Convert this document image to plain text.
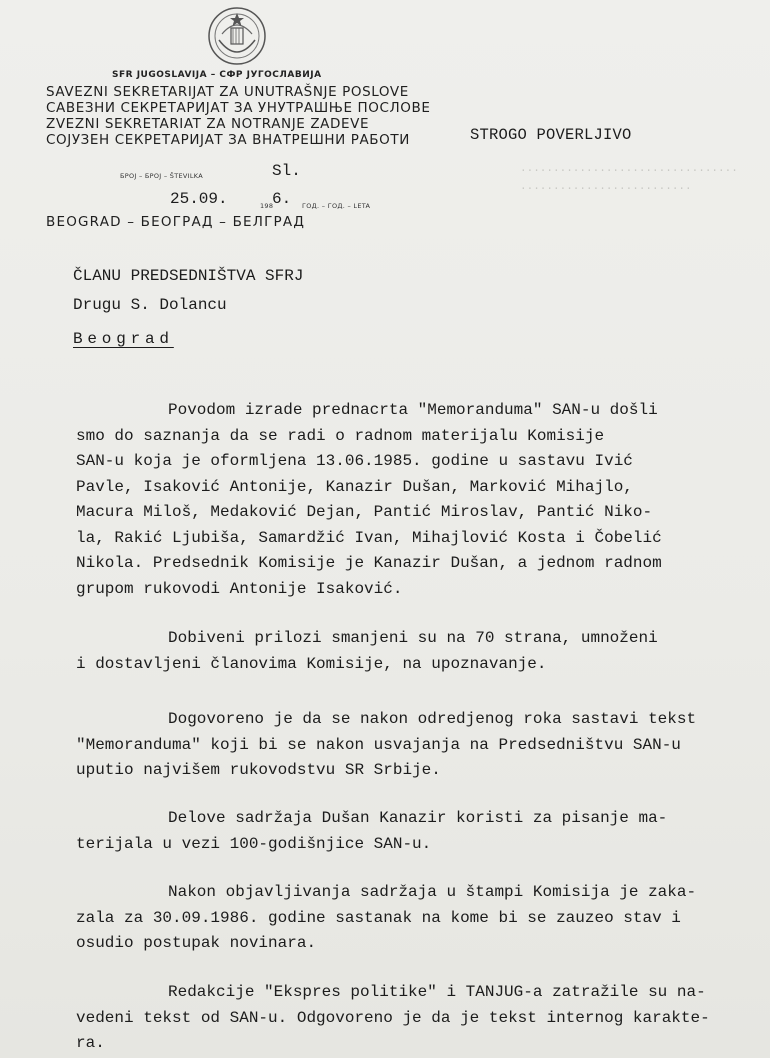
.................................
..........................
SFR JUGOSLAVIJA – СФР ЈУГОСЛАВИЈА
SAVEZNI SEKRETARIJAT ZA UNUTRAŠNJE POSLOVE
САВЕЗНИ СЕКРЕТАРИЈАТ ЗА УНУТРАШЊЕ ПОСЛОВЕ
ZVEZNI SEKRETARIAT ZA NOTRANJE ZADEVE
СОЈУЗЕН СЕКРЕТАРИЈАТ ЗА ВНАТРЕШНИ РАБОТИ
БРОЈ – БРОЈ – ŠTEVILKA	Sl.
25.09.	198
6. ГОД. – ГОД. – LETA
BEOGRAD – БЕОГРАД – БЕЛГРАД
STROGO POVERLJIVO
ČLANU PREDSEDNIŠTVA SFRJ
Drugu S. Dolancu
Beograd
Povodom izrade prednacrta "Memoranduma" SAN-u došli
smo do saznanja da se radi o radnom materijalu Komisije
SAN-u koja je oformljena 13.06.1985. godine u sastavu Ivić
Pavle, Isaković Antonije, Kanazir Dušan, Marković Mihajlo,
Macura Miloš, Medaković Dejan, Pantić Miroslav, Pantić Niko-
la, Rakić Ljubiša, Samardžić Ivan, Mihajlović Kosta i Čobelić
Nikola. Predsednik Komisije je Kanazir Dušan, a jednom radnom
grupom rukovodi Antonije Isaković.
Dobiveni prilozi smanjeni su na 70 strana, umnoženi
i dostavljeni članovima Komisije, na upoznavanje.
Dogovoreno je da se nakon odredjenog roka sastavi tekst
"Memoranduma" koji bi se nakon usvajanja na Predsedništvu SAN-u
uputio najvišem rukovodstvu SR Srbije.
Delove sadržaja Dušan Kanazir koristi za pisanje ma-
terijala u vezi 100-godišnjice SAN-u.
Nakon objavljivanja sadržaja u štampi Komisija je zaka-
zala za 30.09.1986. godine sastanak na kome bi se zauzeo stav i
osudio postupak novinara.
Redakcije "Ekspres politike" i TANJUG-a zatražile su na-
vedeni tekst od SAN-u. Odgovoreno je da je tekst internog karakte-
ra.
